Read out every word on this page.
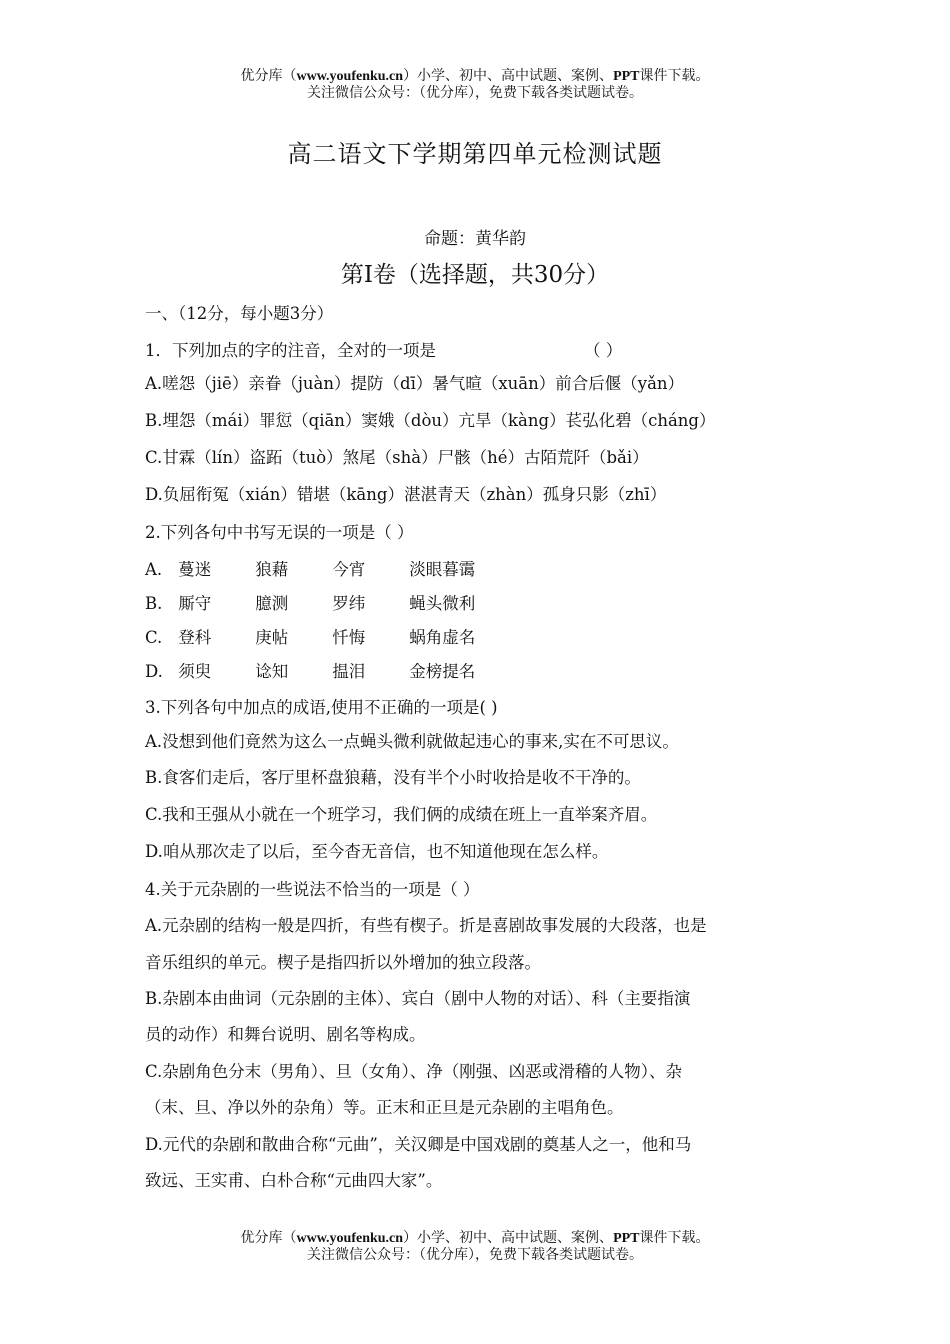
优分库（www.youfenku.cn）小学、初中、高中试题、案例、PPT课件下载。
关注微信公众号：（优分库），免费下载各类试题试卷。
高二语文下学期第四单元检测试题
命题：黄华韵
第Ⅰ卷（选择题，共30分）
一、（12分，每小题3分）
1．下列加点的字的注音，全对的一项是	（ ）
A.嗟怨（jiē）亲眷（juàn）提防（dī）暑气暄（xuān）前合后偃（yǎn）
B.埋怨（mái）罪愆（qiān）窦娥（dòu）亢旱（kàng）苌弘化碧（cháng）
C.甘霖（lín）盗跖（tuò）煞尾（shà）尸骸（hé）古陌荒阡（bǎi）
D.负屈衔冤（xián）错堪（kāng）湛湛青天（zhàn）孤身只影（zhī）
2.下列各句中书写无误的一项是（ ）
A. 蔓迷	狼藉	今宵	淡眼暮霭
B. 厮守	臆测	罗纬	蝇头微利
C. 登科	庚帖	忏悔	蜗角虚名
D. 须臾	谂知	揾泪	金榜提名
3.下列各句中加点的成语,使用不正确的一项是( )
A.没想到他们竟然为这么一点蝇头微利就做起违心的事来,实在不可思议。
B.食客们走后，客厅里杯盘狼藉，没有半个小时收拾是收不干净的。
C.我和王强从小就在一个班学习，我们俩的成绩在班上一直举案齐眉。
D.咱从那次走了以后，至今杳无音信，也不知道他现在怎么样。
4.关于元杂剧的一些说法不恰当的一项是（ ）
A.元杂剧的结构一般是四折，有些有楔子。折是喜剧故事发展的大段落，也是
音乐组织的单元。楔子是指四折以外增加的独立段落。
B.杂剧本由曲词（元杂剧的主体）、宾白（剧中人物的对话）、科（主要指演
员的动作）和舞台说明、剧名等构成。
C.杂剧角色分末（男角）、旦（女角）、净（刚强、凶恶或滑稽的人物）、杂
（末、旦、净以外的杂角）等。正末和正旦是元杂剧的主唱角色。
D.元代的杂剧和散曲合称“元曲”，关汉卿是中国戏剧的奠基人之一，他和马
致远、王实甫、白朴合称“元曲四大家”。
优分库（www.youfenku.cn）小学、初中、高中试题、案例、PPT课件下载。
关注微信公众号：（优分库），免费下载各类试题试卷。
